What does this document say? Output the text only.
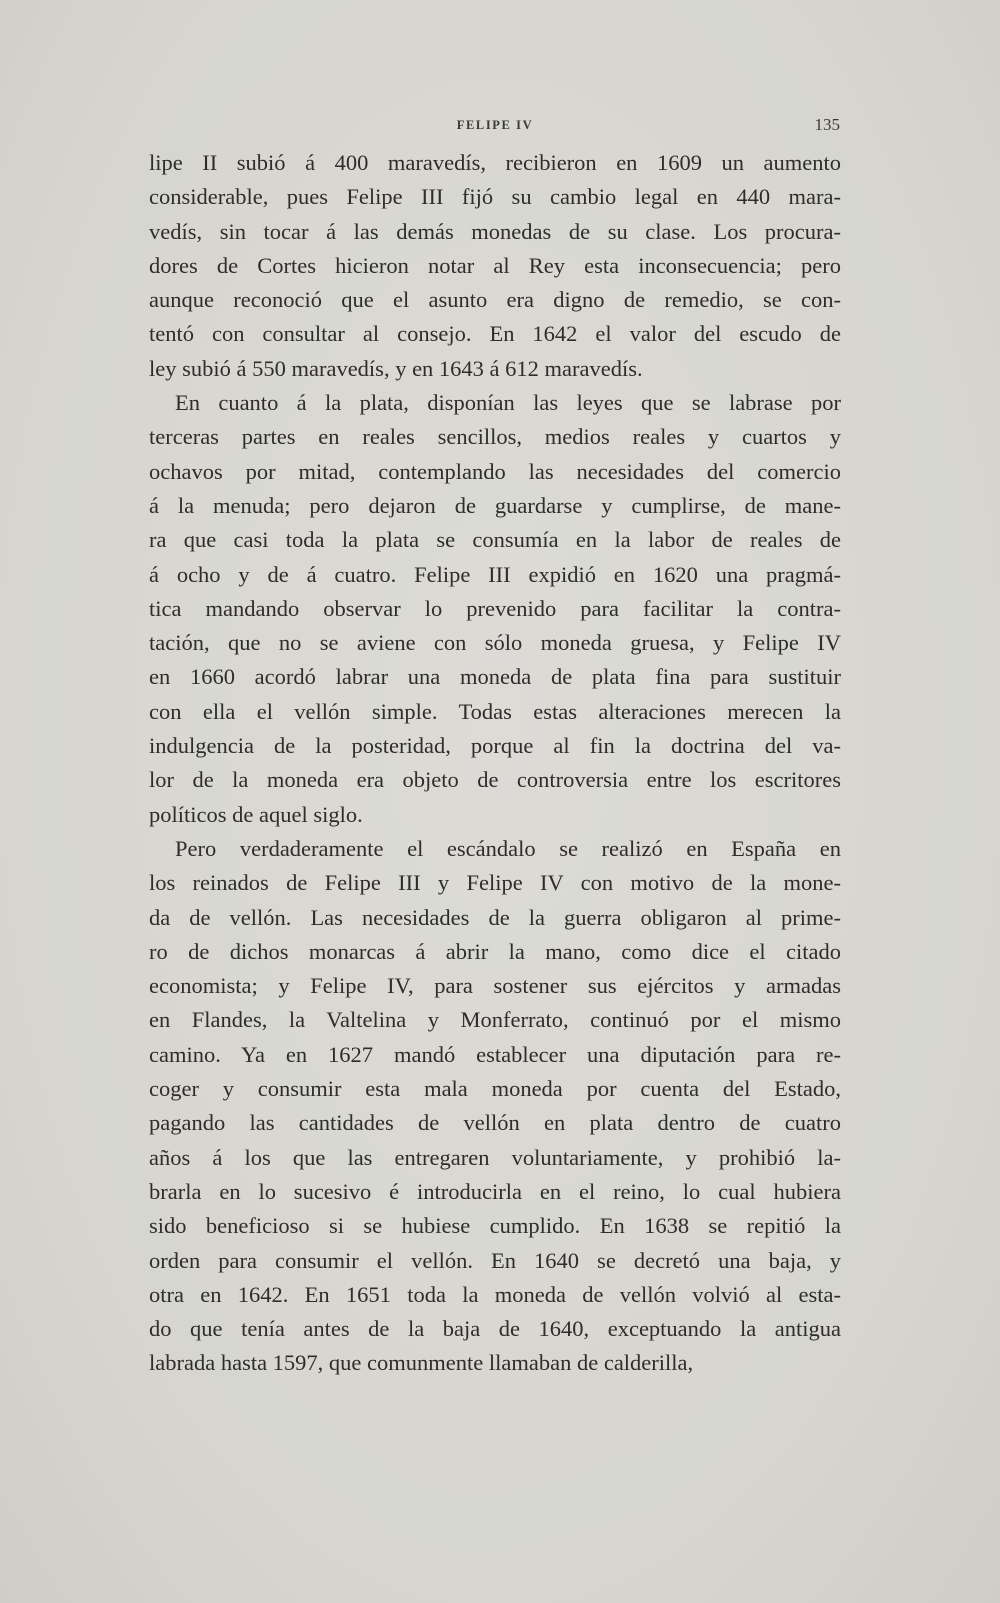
FELIPE IV	135
lipe II subió á 400 maravedís, recibieron en 1609 un aumento
considerable, pues Felipe III fijó su cambio legal en 440 mara-
vedís, sin tocar á las demás monedas de su clase. Los procura-
dores de Cortes hicieron notar al Rey esta inconsecuencia; pero
aunque reconoció que el asunto era digno de remedio, se con-
tentó con consultar al consejo. En 1642 el valor del escudo de
ley subió á 550 maravedís, y en 1643 á 612 maravedís.
En cuanto á la plata, disponían las leyes que se labrase por
terceras partes en reales sencillos, medios reales y cuartos y
ochavos por mitad, contemplando las necesidades del comercio
á la menuda; pero dejaron de guardarse y cumplirse, de mane-
ra que casi toda la plata se consumía en la labor de reales de
á ocho y de á cuatro. Felipe III expidió en 1620 una pragmá-
tica mandando observar lo prevenido para facilitar la contra-
tación, que no se aviene con sólo moneda gruesa, y Felipe IV
en 1660 acordó labrar una moneda de plata fina para sustituir
con ella el vellón simple. Todas estas alteraciones merecen la
indulgencia de la posteridad, porque al fin la doctrina del va-
lor de la moneda era objeto de controversia entre los escritores
políticos de aquel siglo.
Pero verdaderamente el escándalo se realizó en España en
los reinados de Felipe III y Felipe IV con motivo de la mone-
da de vellón. Las necesidades de la guerra obligaron al prime-
ro de dichos monarcas á abrir la mano, como dice el citado
economista; y Felipe IV, para sostener sus ejércitos y armadas
en Flandes, la Valtelina y Monferrato, continuó por el mismo
camino. Ya en 1627 mandó establecer una diputación para re-
coger y consumir esta mala moneda por cuenta del Estado,
pagando las cantidades de vellón en plata dentro de cuatro
años á los que las entregaren voluntariamente, y prohibió la-
brarla en lo sucesivo é introducirla en el reino, lo cual hubiera
sido beneficioso si se hubiese cumplido. En 1638 se repitió la
orden para consumir el vellón. En 1640 se decretó una baja, y
otra en 1642. En 1651 toda la moneda de vellón volvió al esta-
do que tenía antes de la baja de 1640, exceptuando la antigua
labrada hasta 1597, que comunmente llamaban de calderilla,
